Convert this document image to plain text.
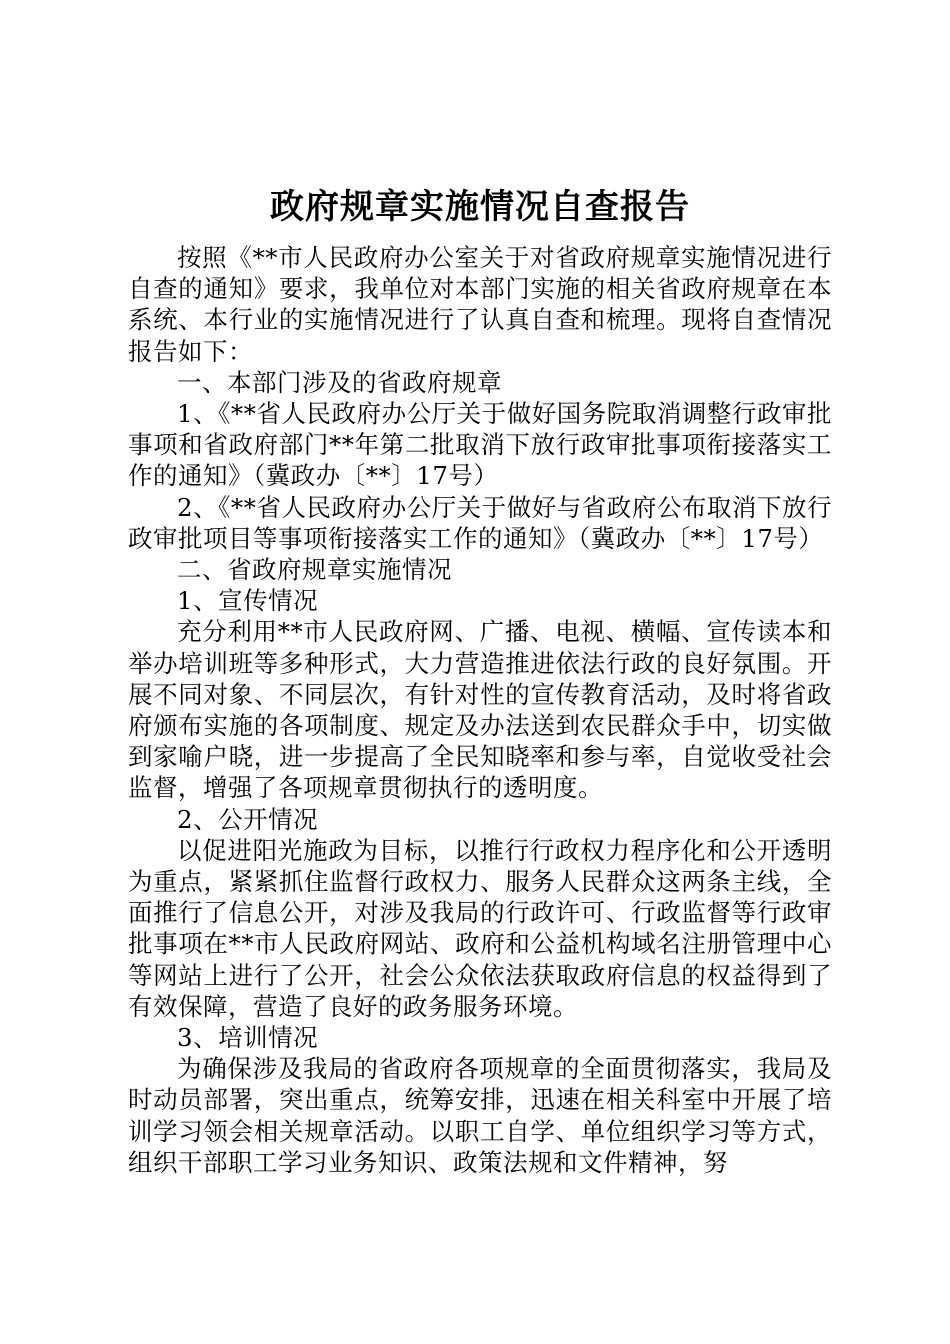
政府规章实施情况自查报告

按照《**市人民政府办公室关于对省政府规章实施情况进行自查的通知》要求，我单位对本部门实施的相关省政府规章在本系统、本行业的实施情况进行了认真自查和梳理。现将自查情况报告如下：

一、本部门涉及的省政府规章

1、《**省人民政府办公厅关于做好国务院取消调整行政审批事项和省政府部门**年第二批取消下放行政审批事项衔接落实工作的通知》（冀政办〔**〕17号）

2、《**省人民政府办公厅关于做好与省政府公布取消下放行政审批项目等事项衔接落实工作的通知》（冀政办〔**〕17号）

二、省政府规章实施情况

1、宣传情况

充分利用**市人民政府网、广播、电视、横幅、宣传读本和举办培训班等多种形式，大力营造推进依法行政的良好氛围。开展不同对象、不同层次，有针对性的宣传教育活动，及时将省政府颁布实施的各项制度、规定及办法送到农民群众手中，切实做到家喻户晓，进一步提高了全民知晓率和参与率，自觉收受社会监督，增强了各项规章贯彻执行的透明度。

2、公开情况

以促进阳光施政为目标，以推行行政权力程序化和公开透明为重点，紧紧抓住监督行政权力、服务人民群众这两条主线，全面推行了信息公开，对涉及我局的行政许可、行政监督等行政审批事项在**市人民政府网站、政府和公益机构域名注册管理中心等网站上进行了公开，社会公众依法获取政府信息的权益得到了有效保障，营造了良好的政务服务环境。

3、培训情况

为确保涉及我局的省政府各项规章的全面贯彻落实，我局及时动员部署，突出重点，统筹安排，迅速在相关科室中开展了培训学习领会相关规章活动。以职工自学、单位组织学习等方式，组织干部职工学习业务知识、政策法规和文件精神，努
